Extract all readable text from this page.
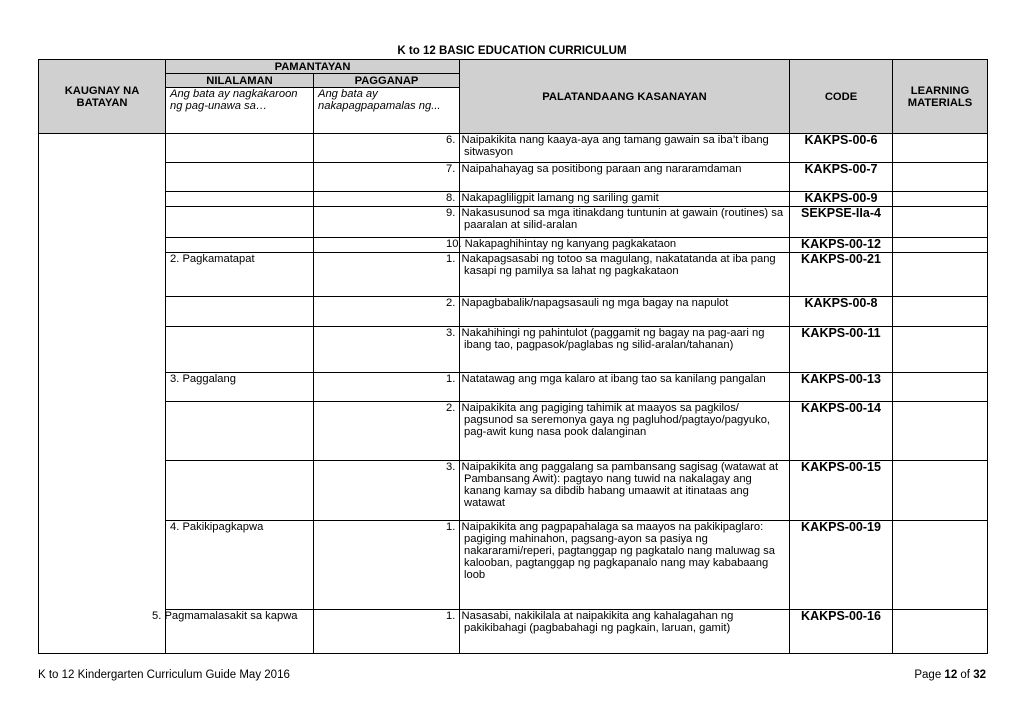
K to 12 BASIC EDUCATION CURRICULUM
KAUGNAY NA BATAYAN	PAMANTAYAN		PALATANDAANG KASANAYAN	CODE	LEARNING MATERIALS
	NILALAMAN	PAGGANAP			
	Ang bata ay nagkakaroon ng pag-unawa sa…	Ang bata ay nakapagpapamalas ng...			
			6.  Naipakikita nang kaaya-aya ang tamang gawain sa iba’t ibang sitwasyon	KAKPS-00-6	
			7.  Naipahahayag sa positibong paraan ang nararamdaman	KAKPS-00-7	
			8.  Nakapagliligpit lamang ng sariling gamit	KAKPS-00-9	
			9.  Nakasusunod sa mga itinakdang tuntunin at gawain (routines) sa paaralan at silid-aralan	SEKPSE-IIa-4	
			10. Nakapaghihintay ng kanyang pagkakataon	KAKPS-00-12	
	2. Pagkamatapat		1.  Nakapagsasabi ng totoo sa magulang, nakatatanda at iba pang kasapi ng pamilya sa lahat ng pagkakataon	KAKPS-00-21	
			2.  Napagbabalik/napagsasauli ng mga bagay na napulot	KAKPS-00-8	
			3.  Nakahihingi ng pahintulot (paggamit ng bagay na pag-aari ng ibang tao, pagpasok/paglabas ng silid-aralan/tahanan)	KAKPS-00-11	
	3. Paggalang		1.  Natatawag ang mga kalaro at ibang tao sa kanilang pangalan	KAKPS-00-13	
			2.  Naipakikita ang pagiging tahimik at maayos sa pagkilos/ pagsunod sa seremonya gaya ng pagluhod/pagtayo/pagyuko, pag-awit kung nasa pook dalanginan	KAKPS-00-14	
			3.  Naipakikita ang paggalang sa pambansang sagisag (watawat at Pambansang Awit): pagtayo nang tuwid na nakalagay ang kanang kamay sa dibdib habang umaawit at itinataas ang watawat	KAKPS-00-15	
	4. Pakikipagkapwa		1.  Naipakikita ang pagpapahalaga sa maayos na pakikipaglaro: pagiging mahinahon, pagsang-ayon sa pasiya ng nakararami/reperi, pagtanggap ng pagkatalo nang maluwag sa kalooban, pagtanggap ng pagkapanalo nang may kababaang loob	KAKPS-00-19	
	5. Pagmamalasakit sa kapwa		1.  Nasasabi, nakikilala at naipakikita ang kahalagahan ng pakikibahagi (pagbabahagi ng pagkain, laruan, gamit)	KAKPS-00-16	
K to 12 Kindergarten Curriculum Guide May 2016	Page 12 of 32
